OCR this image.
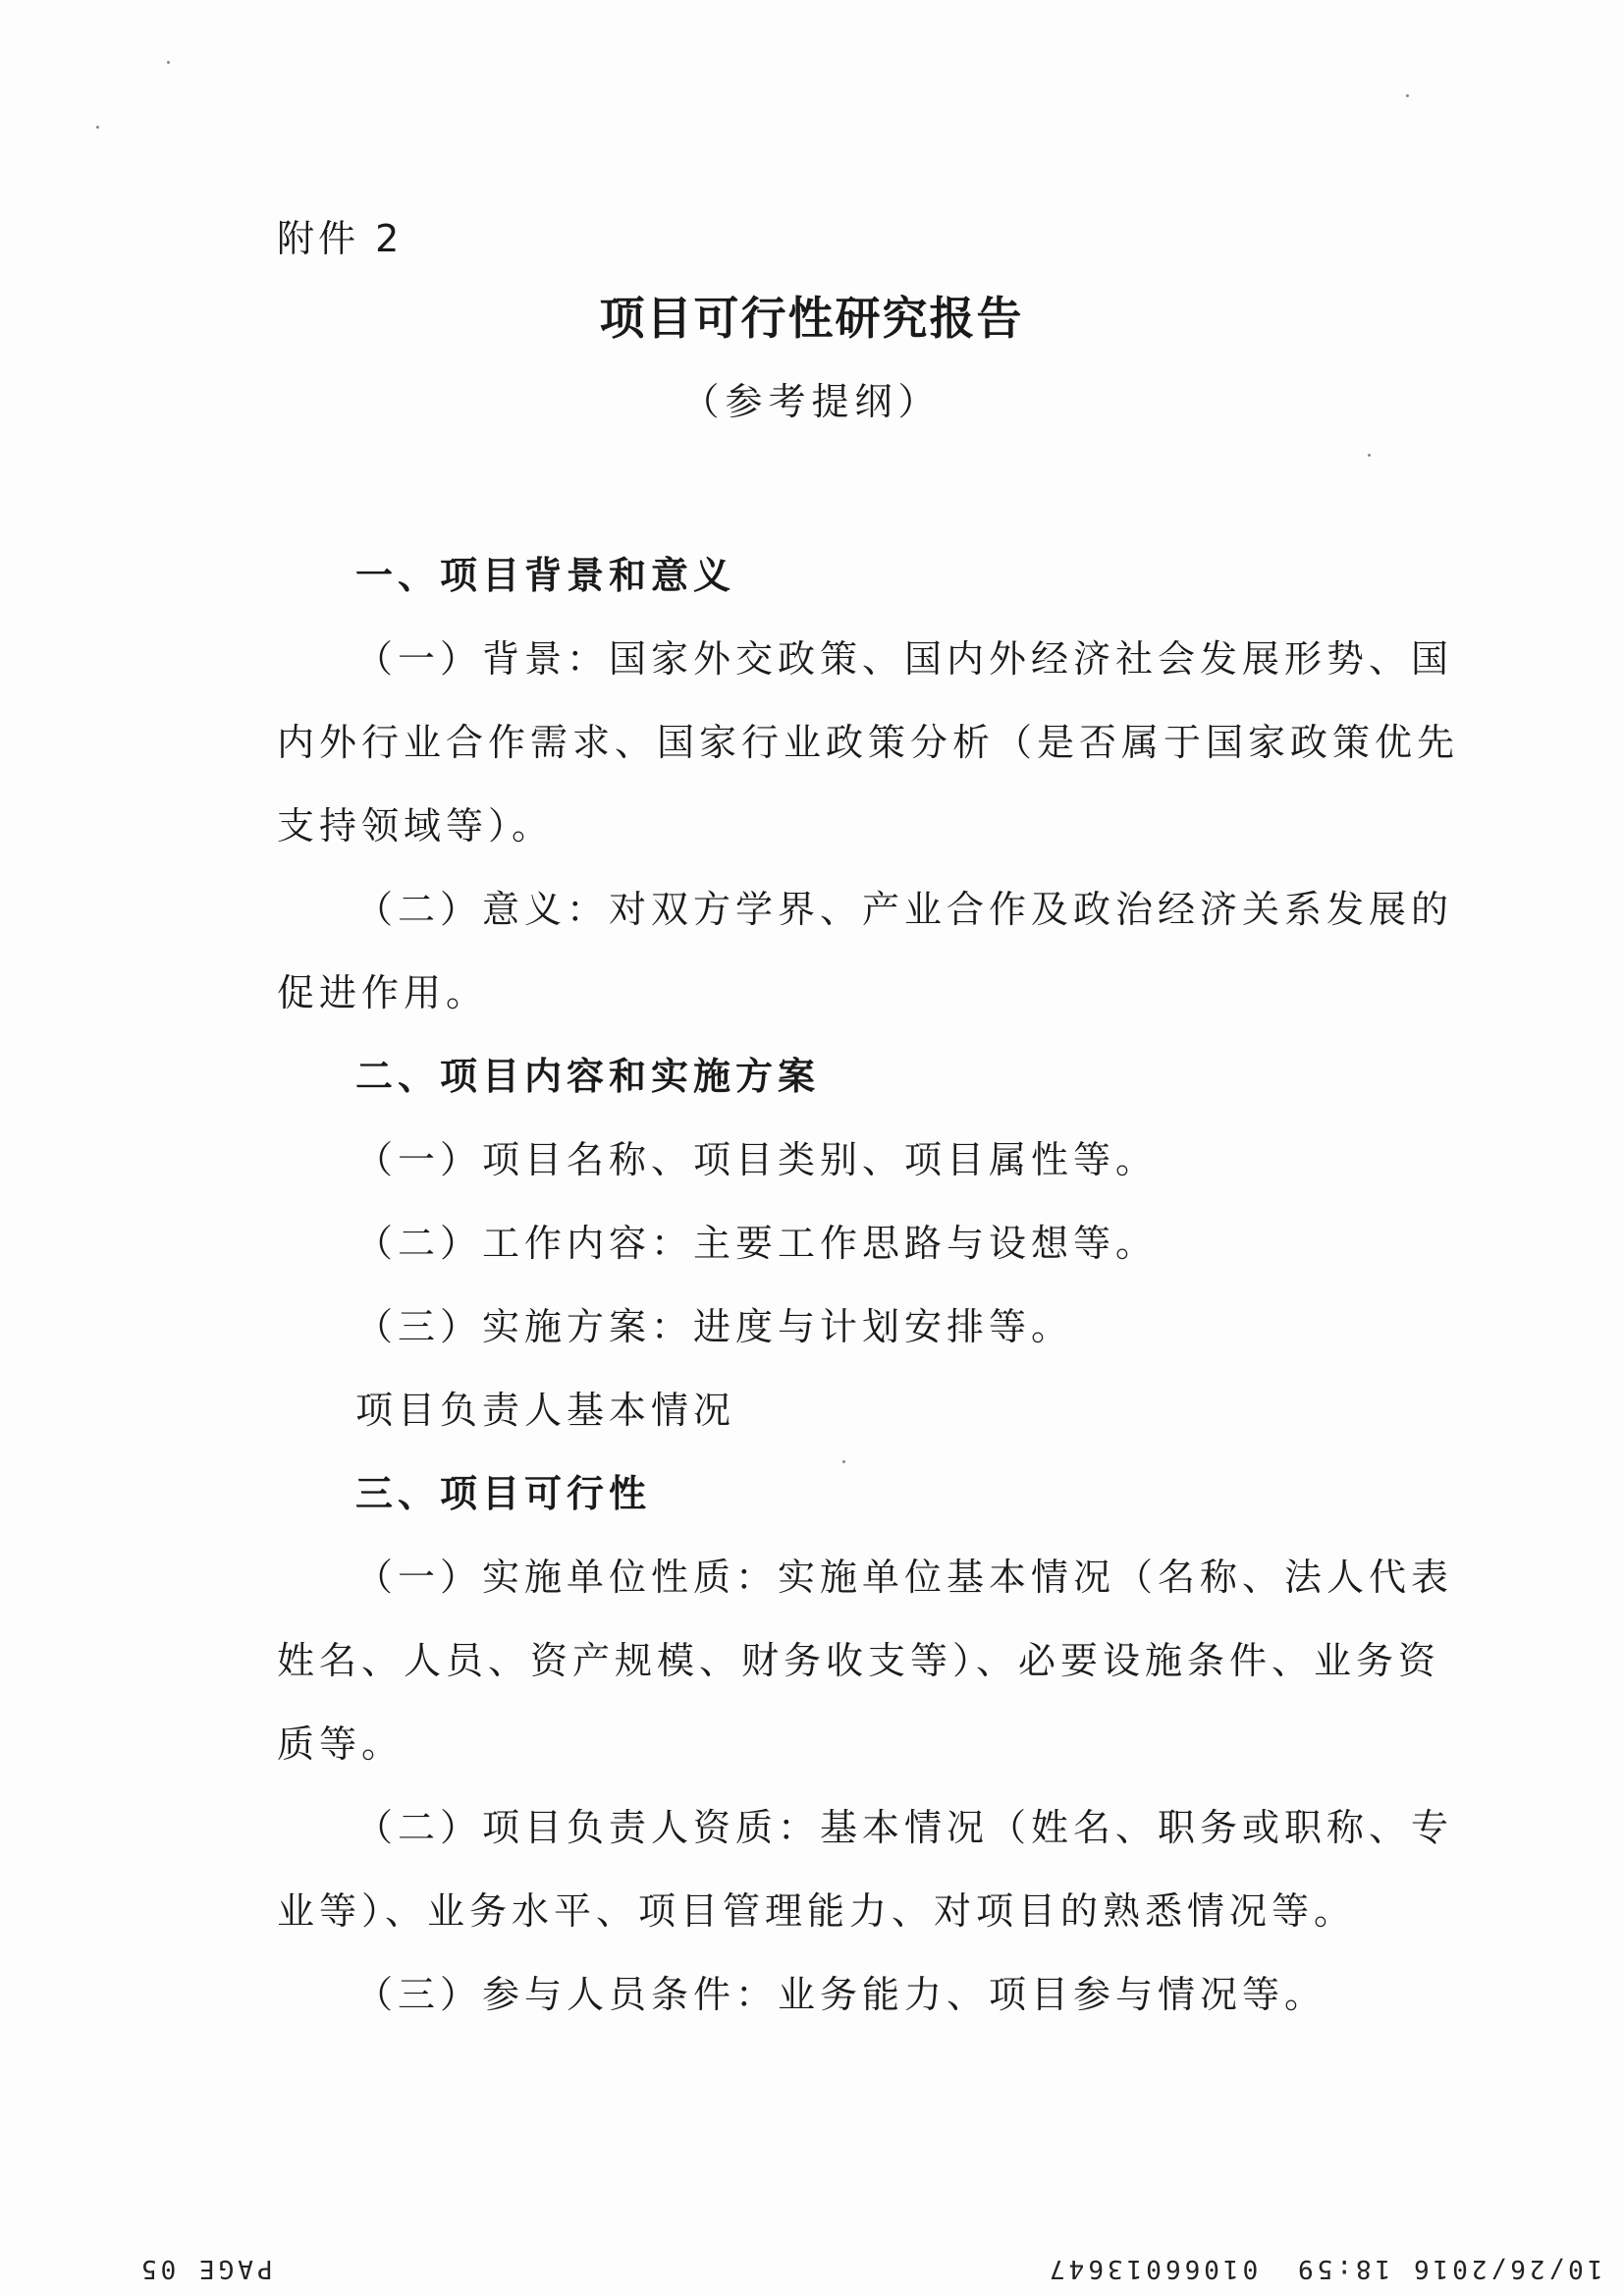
附件 2
项目可行性研究报告
（参考提纲）
一、项目背景和意义
（一）背景：国家外交政策、国内外经济社会发展形势、国
内外行业合作需求、国家行业政策分析（是否属于国家政策优先
支持领域等）。
（二）意义：对双方学界、产业合作及政治经济关系发展的
促进作用。
二、项目内容和实施方案
（一）项目名称、项目类别、项目属性等。
（二）工作内容：主要工作思路与设想等。
（三）实施方案：进度与计划安排等。
项目负责人基本情况
三、项目可行性
（一）实施单位性质：实施单位基本情况（名称、法人代表
姓名、人员、资产规模、财务收支等）、必要设施条件、业务资
质等。
（二）项目负责人资质：基本情况（姓名、职务或职称、专
业等）、业务水平、项目管理能力、对项目的熟悉情况等。
（三）参与人员条件：业务能力、项目参与情况等。
PAGE 05	01066013647 10/26/2016 18:59
